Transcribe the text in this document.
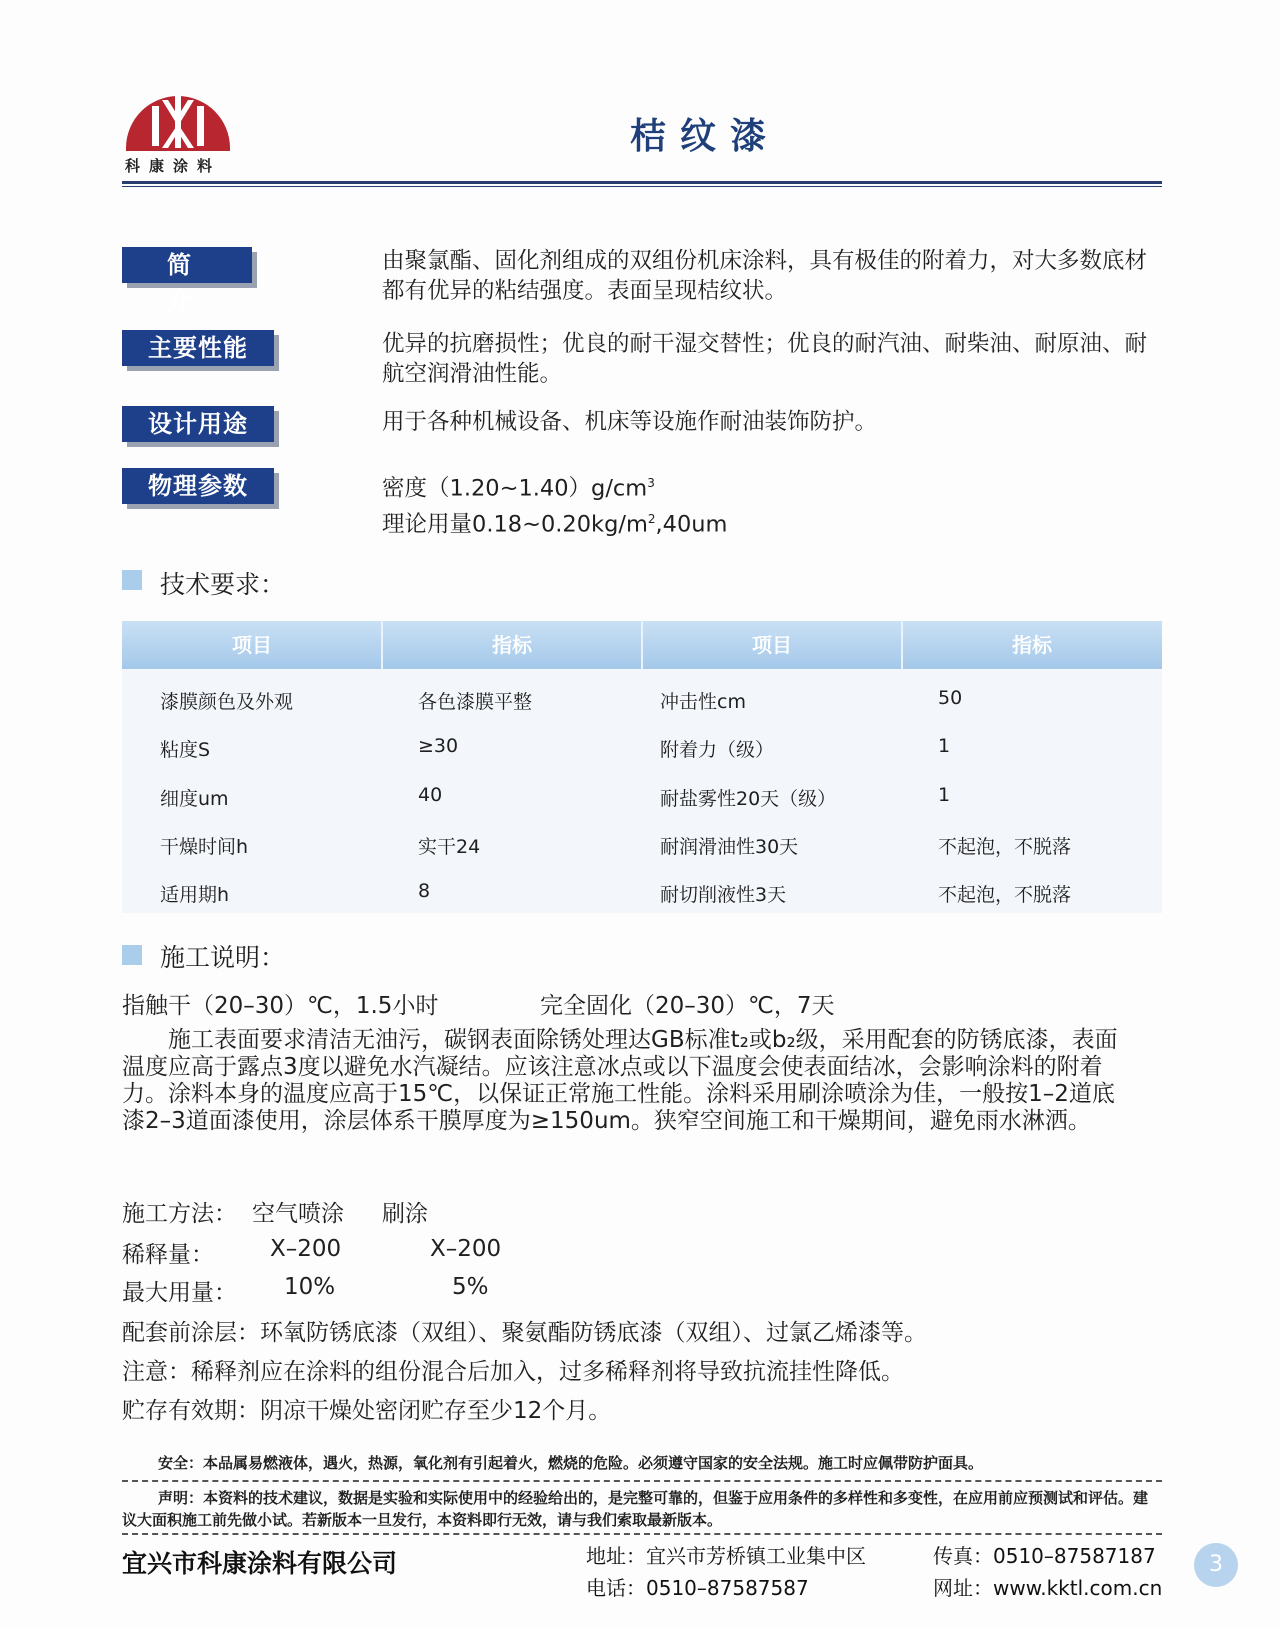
科康涂料
桔纹漆
简　介
由聚氯酯、固化剂组成的双组份机床涂料，具有极佳的附着力，对大多数底材都有优异的粘结强度。表面呈现桔纹状。
主要性能	优异的抗磨损性；优良的耐干湿交替性；优良的耐汽油、耐柴油、耐原油、耐航空润滑油性能。
设计用途	用于各种机械设备、机床等设施作耐油装饰防护。
物理参数	密度$(1.20\sim 1.40)g/cm^3$
理论用量$0.18\sim 0.20kg/m^2,40um$
技术要求：
项目	指标	项目	指标
漆膜颜色及外观	各色漆膜平整	冲击性cm	50
粘度S	≥30	附着力（级）	1
细度um	40	耐盐雾性20天（级）	1
干燥时间h	实干24	耐润滑油性30天	不起泡，不脱落
适用期h	8	耐切削液性3天	不起泡，不脱落
施工说明：
指触干（20–30）℃，1.5小时	完全固化（20–30）℃，7天
施工表面要求清洁无油污，碳钢表面除锈处理达GB标准t₂或b₂级，采用配套的防锈底漆，表面温度应高于露点3度以避免水汽凝结。应该注意冰点或以下温度会使表面结冰，会影响涂料的附着力。涂料本身的温度应高于15℃，以保证正常施工性能。涂料采用刷涂喷涂为佳，一般按1–2道底漆2–3道面漆使用，涂层体系干膜厚度为≥150um。狭窄空间施工和干燥期间，避免雨水淋洒。
施工方法： 空气喷涂 刷涂
稀释量： X–200	X–200
最大用量： 10%	5%
配套前涂层：环氧防锈底漆（双组）、聚氨酯防锈底漆（双组）、过氯乙烯漆等。
注意：稀释剂应在涂料的组份混合后加入，过多稀释剂将导致抗流挂性降低。
贮存有效期：阴凉干燥处密闭贮存至少12个月。
安全：本品属易燃液体，遇火，热源，氧化剂有引起着火，燃烧的危险。必须遵守国家的安全法规。施工时应佩带防护面具。
声明：本资料的技术建议，数据是实验和实际使用中的经验给出的，是完整可靠的，但鉴于应用条件的多样性和多变性，在应用前应预测试和评估。建议大面积施工前先做小试。若新版本一旦发行，本资料即行无效，请与我们索取最新版本。
宜兴市科康涂料有限公司	地址：宜兴市芳桥镇工业集中区
电话：0510–87587587
传真：0510–87587187
网址：www.kktl.com.cn
3
